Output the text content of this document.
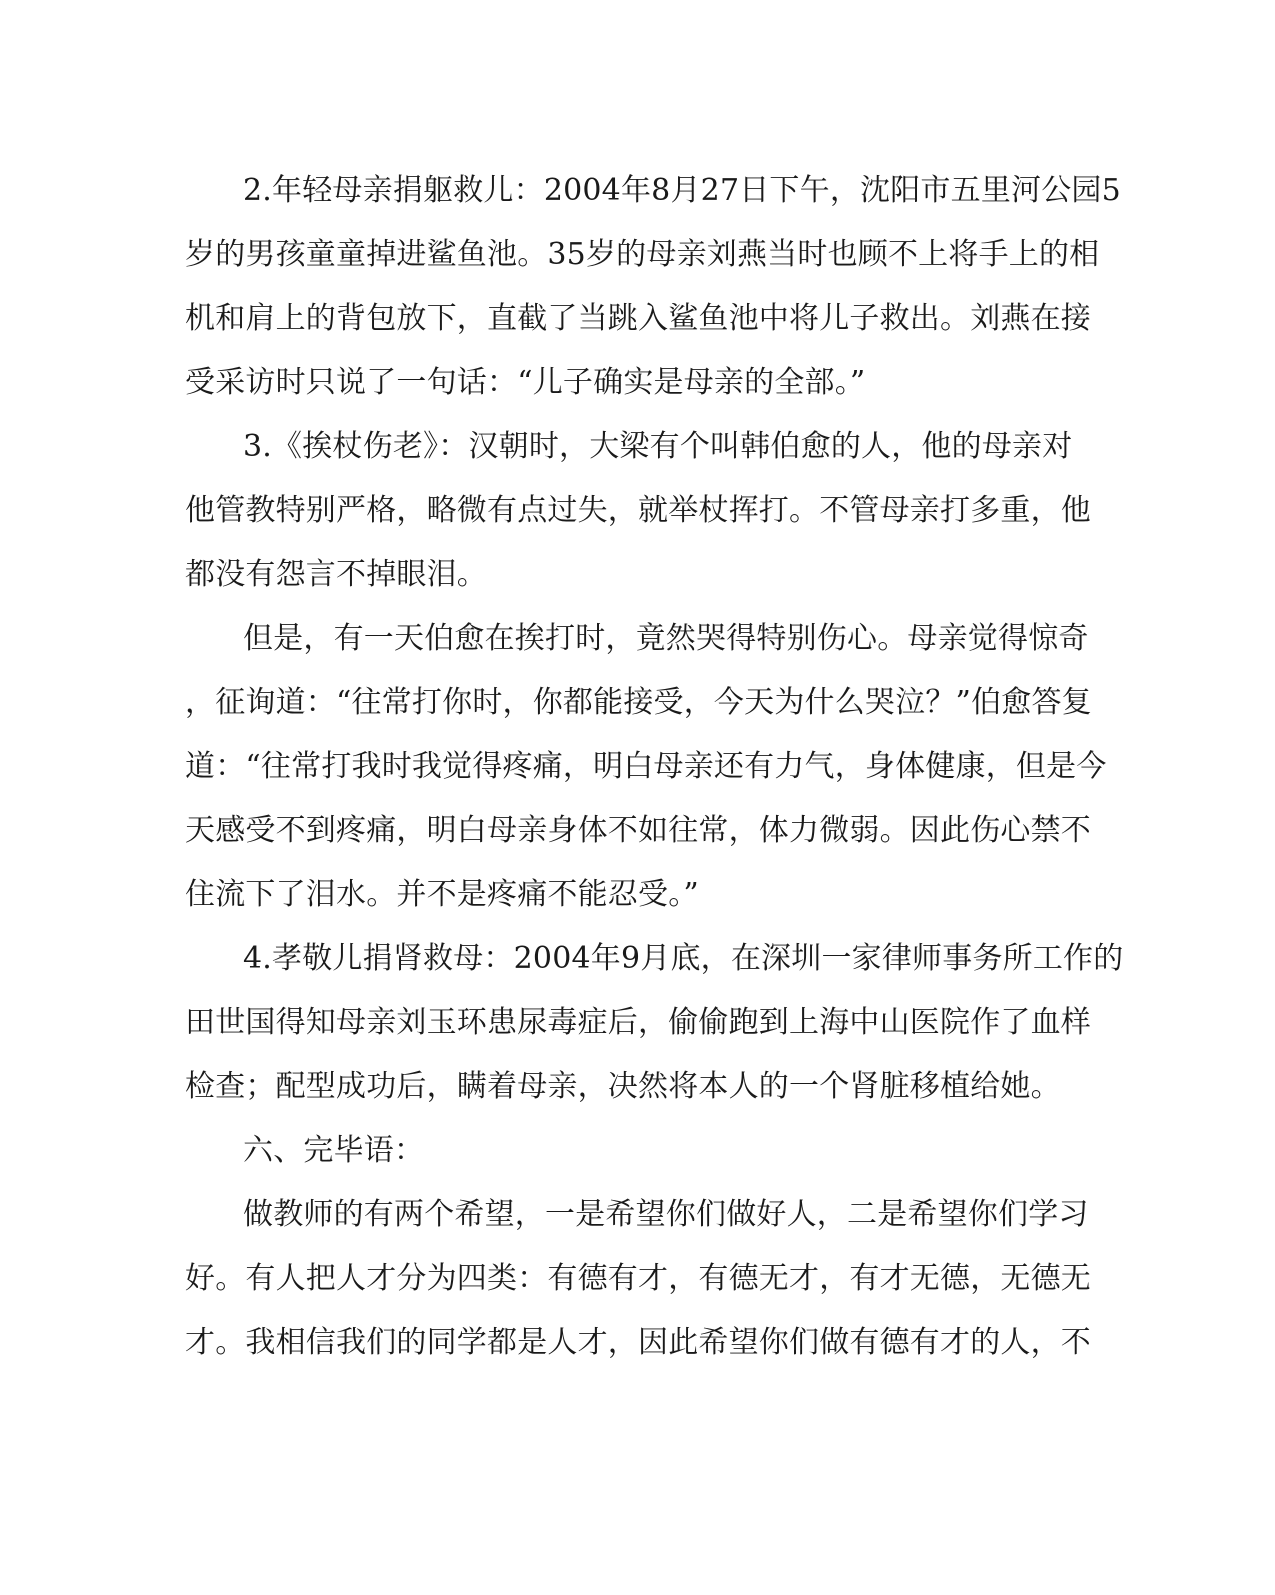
2.年轻母亲捐躯救儿：2004年8月27日下午，沈阳市五里河公园5
岁的男孩童童掉进鲨鱼池。35岁的母亲刘燕当时也顾不上将手上的相
机和肩上的背包放下，直截了当跳入鲨鱼池中将儿子救出。刘燕在接
受采访时只说了一句话：“儿子确实是母亲的全部。”
3.《挨杖伤老》：汉朝时，大梁有个叫韩伯愈的人，他的母亲对
他管教特别严格，略微有点过失，就举杖挥打。不管母亲打多重，他
都没有怨言不掉眼泪。
但是，有一天伯愈在挨打时，竟然哭得特别伤心。母亲觉得惊奇
，征询道：“往常打你时，你都能接受，今天为什么哭泣？”伯愈答复
道：“往常打我时我觉得疼痛，明白母亲还有力气，身体健康，但是今
天感受不到疼痛，明白母亲身体不如往常，体力微弱。因此伤心禁不
住流下了泪水。并不是疼痛不能忍受。”
4.孝敬儿捐肾救母：2004年9月底，在深圳一家律师事务所工作的
田世国得知母亲刘玉环患尿毒症后，偷偷跑到上海中山医院作了血样
检查；配型成功后，瞒着母亲，决然将本人的一个肾脏移植给她。
六、完毕语：
做教师的有两个希望，一是希望你们做好人，二是希望你们学习
好。有人把人才分为四类：有德有才，有德无才，有才无德，无德无
才。我相信我们的同学都是人才，因此希望你们做有德有才的人，不
